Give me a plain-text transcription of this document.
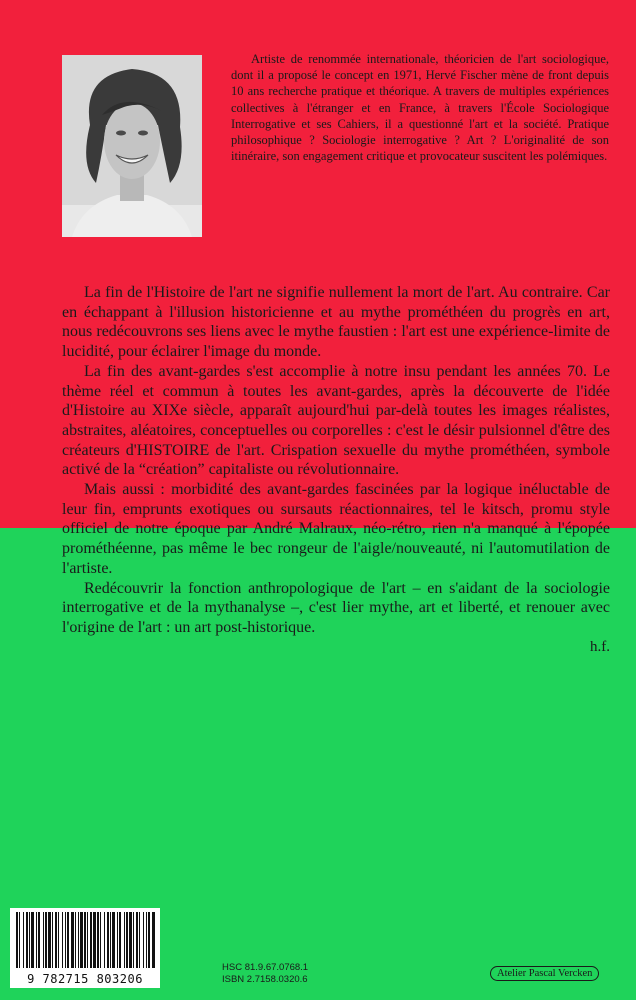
Artiste de renommée internationale, théoricien de l'art sociologique, dont il a proposé le concept en 1971, Hervé Fischer mène de front depuis 10 ans recherche pratique et théorique. A travers de multiples expériences collectives à l'étranger et en France, à travers l'École Sociologique Interrogative et ses Cahiers, il a questionné l'art et la société. Pratique philosophique ? Sociologie interrogative ? Art ? L'originalité de son itinéraire, son engagement critique et provocateur suscitent les polémiques.

La fin de l'Histoire de l'art ne signifie nullement la mort de l'art. Au contraire. Car en échappant à l'illusion historicienne et au mythe prométhéen du progrès en art, nous redécouvrons ses liens avec le mythe faustien : l'art est une expérience-limite de lucidité, pour éclairer l'image du monde.

La fin des avant-gardes s'est accomplie à notre insu pendant les années 70. Le thème réel et commun à toutes les avant-gardes, après la découverte de l'idée d'Histoire au XIXe siècle, apparaît aujourd'hui par-delà toutes les images réalistes, abstraites, aléatoires, conceptuelles ou corporelles : c'est le désir pulsionnel d'être des créateurs d'HISTOIRE de l'art. Crispation sexuelle du mythe prométhéen, symbole activé de la “création” capitaliste ou révolutionnaire.

Mais aussi : morbidité des avant-gardes fascinées par la logique inéluctable de leur fin, emprunts exotiques ou sursauts réactionnaires, tel le kitsch, promu style officiel de notre époque par André Malraux, néo-rétro, rien n'a manqué à l'épopée prométhéenne, pas même le bec rongeur de l'aigle/nouveauté, ni l'automutilation de l'artiste.

Redécouvrir la fonction anthropologique de l'art – en s'aidant de la sociologie interrogative et de la mythanalyse –, c'est lier mythe, art et liberté, et renouer avec l'origine de l'art : un art post-historique.

h.f.

9 782715 803206
HSC 81.9.67.0768.1
ISBN 2.7158.0320.6
Atelier Pascal Vercken
